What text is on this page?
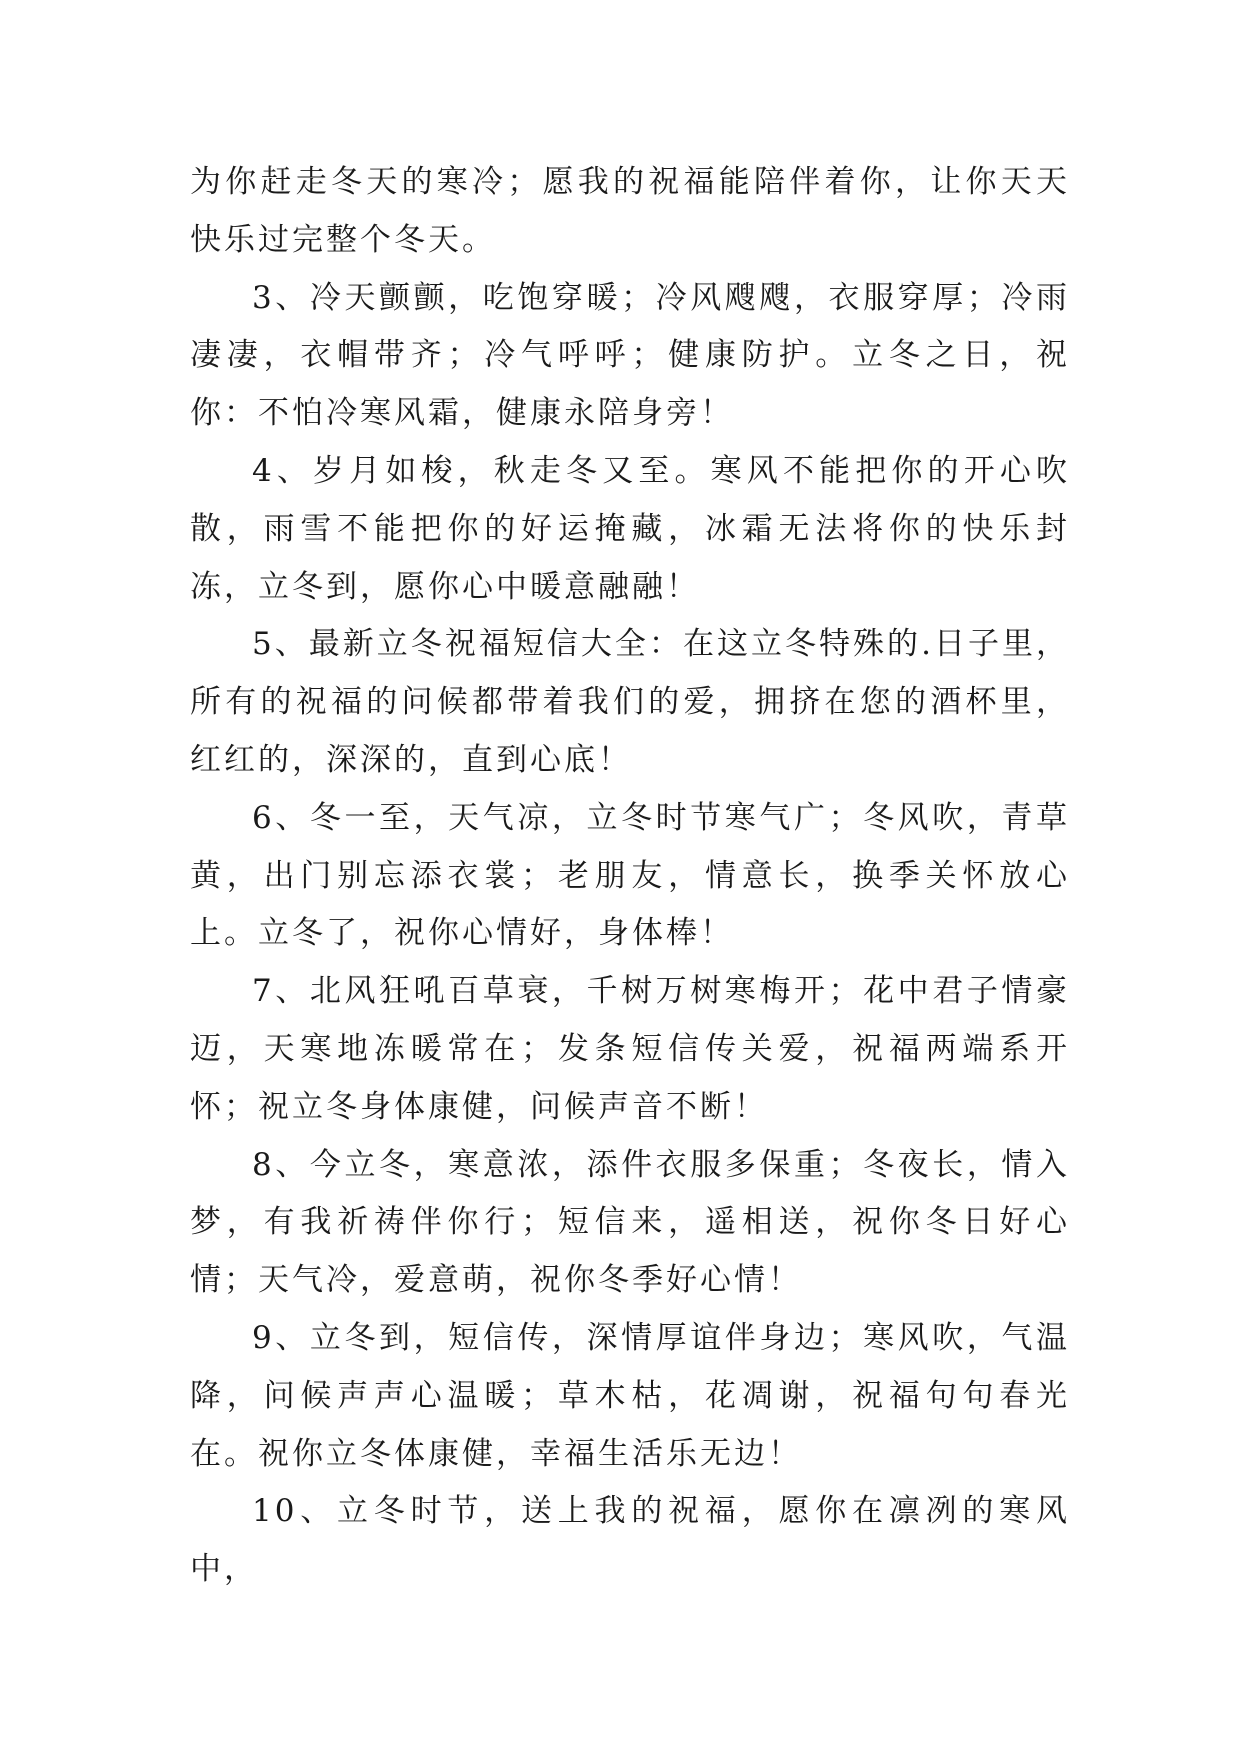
为你赶走冬天的寒冷；愿我的祝福能陪伴着你，让你天天快乐过完整个冬天。

3、冷天颤颤，吃饱穿暖；冷风飕飕，衣服穿厚；冷雨凄凄，衣帽带齐；冷气呼呼；健康防护。立冬之日，祝你：不怕冷寒风霜，健康永陪身旁！

4、岁月如梭，秋走冬又至。寒风不能把你的开心吹散，雨雪不能把你的好运掩藏，冰霜无法将你的快乐封冻，立冬到，愿你心中暖意融融！

5、最新立冬祝福短信大全：在这立冬特殊的.日子里，所有的祝福的问候都带着我们的爱，拥挤在您的酒杯里，红红的，深深的，直到心底！

6、冬一至，天气凉，立冬时节寒气广；冬风吹，青草黄，出门别忘添衣裳；老朋友，情意长，换季关怀放心上。立冬了，祝你心情好，身体棒！

7、北风狂吼百草衰，千树万树寒梅开；花中君子情豪迈，天寒地冻暖常在；发条短信传关爱，祝福两端系开怀；祝立冬身体康健，问候声音不断！

8、今立冬，寒意浓，添件衣服多保重；冬夜长，情入梦，有我祈祷伴你行；短信来，遥相送，祝你冬日好心情；天气冷，爱意萌，祝你冬季好心情！

9、立冬到，短信传，深情厚谊伴身边；寒风吹，气温降，问候声声心温暖；草木枯，花凋谢，祝福句句春光在。祝你立冬体康健，幸福生活乐无边！

10、立冬时节，送上我的祝福，愿你在凛冽的寒风中，
